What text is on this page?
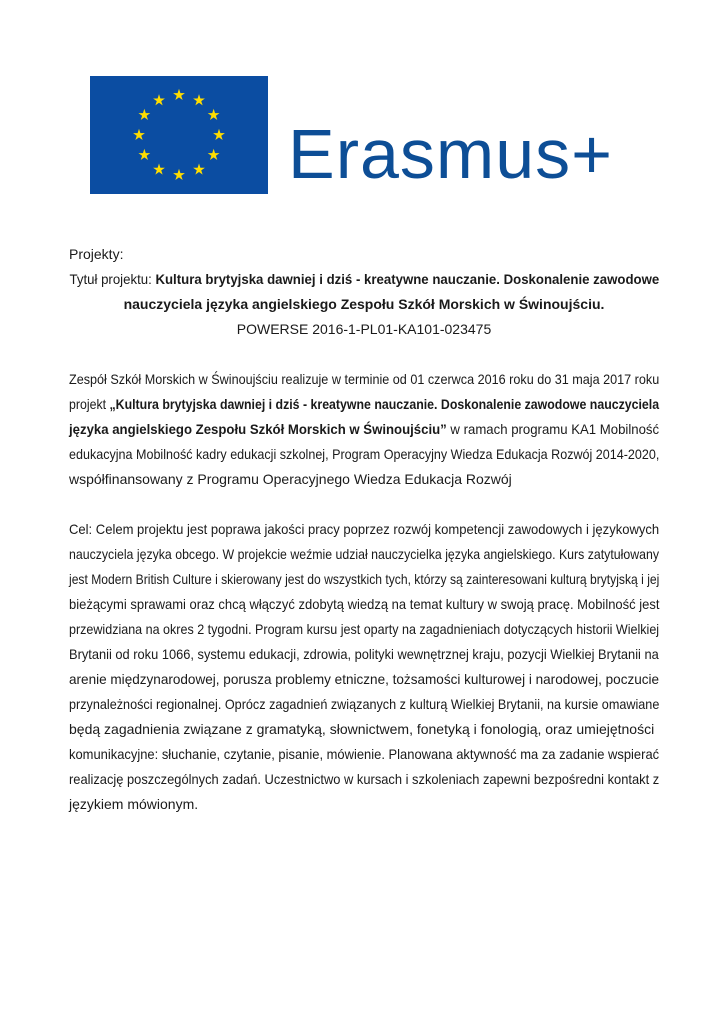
Erasmus+

Projekty:

Tytuł projektu: Kultura brytyjska dawniej i dziś - kreatywne nauczanie. Doskonalenie zawodowe

nauczyciela języka angielskiego Zespołu Szkół Morskich w Świnoujściu.

POWERSE 2016-1-PL01-KA101-023475

Zespół Szkół Morskich w Świnoujściu realizuje w terminie od 01 czerwca 2016 roku do 31 maja 2017 roku

projekt „Kultura brytyjska dawniej i dziś - kreatywne nauczanie. Doskonalenie zawodowe nauczyciela

języka angielskiego Zespołu Szkół Morskich w Świnoujściu” w ramach programu KA1 Mobilność

edukacyjna Mobilność kadry edukacji szkolnej, Program Operacyjny Wiedza Edukacja Rozwój 2014-2020,

współfinansowany z Programu Operacyjnego Wiedza Edukacja Rozwój

Cel: Celem projektu jest poprawa jakości pracy poprzez rozwój kompetencji zawodowych i językowych

nauczyciela języka obcego. W projekcie weźmie udział nauczycielka języka angielskiego. Kurs zatytułowany

jest Modern British Culture i skierowany jest do wszystkich tych, którzy są zainteresowani kulturą brytyjską i jej

bieżącymi sprawami oraz chcą włączyć zdobytą wiedzą na temat kultury w swoją pracę. Mobilność jest

przewidziana na okres 2 tygodni. Program kursu jest oparty na zagadnieniach dotyczących historii Wielkiej

Brytanii od roku 1066, systemu edukacji, zdrowia, polityki wewnętrznej kraju, pozycji Wielkiej Brytanii na

arenie międzynarodowej, porusza problemy etniczne, tożsamości kulturowej i narodowej, poczucie

przynależności regionalnej. Oprócz zagadnień związanych z kulturą Wielkiej Brytanii, na kursie omawiane

będą zagadnienia związane z gramatyką, słownictwem, fonetyką i fonologią, oraz umiejętności

komunikacyjne: słuchanie, czytanie, pisanie, mówienie. Planowana aktywność ma za zadanie wspierać

realizację poszczególnych zadań. Uczestnictwo w kursach i szkoleniach zapewni bezpośredni kontakt z

językiem mówionym.
